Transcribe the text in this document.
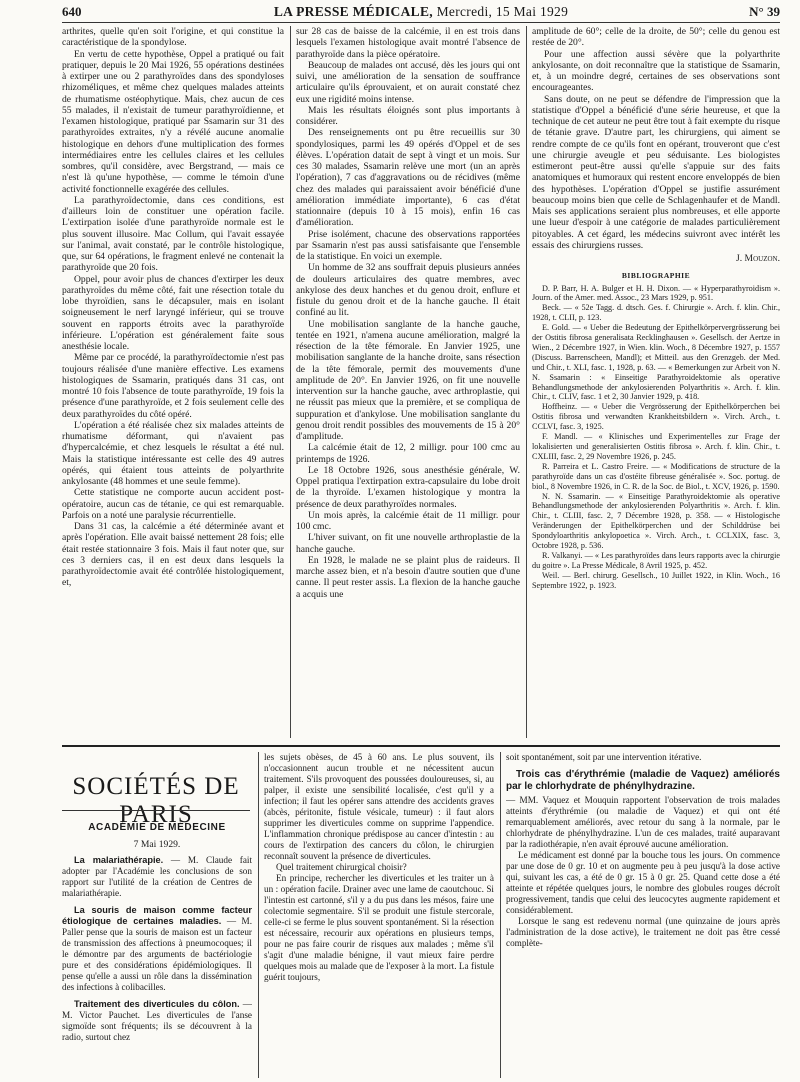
640	LA PRESSE MÉDICALE, Mercredi, 15 Mai 1929	N° 39

arthrites, quelle qu'en soit l'origine, et qui constitue la caractéristique de la spondylose.

En vertu de cette hypothèse, Oppel a pratiqué ou fait pratiquer, depuis le 20 Mai 1926, 55 opérations destinées à extirper une ou 2 parathyroïdes dans des spondyloses rhizoméliques, et même chez quelques malades atteints de rhumatisme ostéophytique. Mais, chez aucun de ces 55 malades, il n'existait de tumeur parathyroïdienne, et l'examen histologique, pratiqué par Ssamarin sur 31 des parathyroïdes extraites, n'y a révélé aucune anomalie histologique en dehors d'une multiplication des formes intermédiaires entre les cellules claires et les cellules sombres, qu'il considère, avec Bergstrand, — mais ce n'est là qu'une hypothèse, — comme le témoin d'une activité fonctionnelle exagérée des cellules.

La parathyroïdectomie, dans ces conditions, est d'ailleurs loin de constituer une opération facile. L'extirpation isolée d'une parathyroïde normale est le plus souvent illusoire. Mac Collum, qui l'avait essayée sur l'animal, avait constaté, par le contrôle histologique, que, sur 64 opérations, le fragment enlevé ne contenait la parathyroïde que 20 fois.

Oppel, pour avoir plus de chances d'extirper les deux parathyroïdes du même côté, fait une résection totale du lobe thyroïdien, sans le décapsuler, mais en isolant soigneusement le nerf laryngé inférieur, qui se trouve souvent en rapports étroits avec la parathyroïde inférieure. L'opération est généralement faite sous anesthésie locale.

Même par ce procédé, la parathyroïdectomie n'est pas toujours réalisée d'une manière effective. Les examens histologiques de Ssamarin, pratiqués dans 31 cas, ont montré 10 fois l'absence de toute parathyroïde, 19 fois la présence d'une parathyroïde, et 2 fois seulement celle des deux parathyroïdes du côté opéré.

L'opération a été réalisée chez six malades atteints de rhumatisme déformant, qui n'avaient pas d'hypercalcémie, et chez lesquels le résultat a été nul. Mais la statistique intéressante est celle des 49 autres opérés, qui étaient tous atteints de polyarthrite ankylosante (48 hommes et une seule femme).

Cette statistique ne comporte aucun accident post-opératoire, aucun cas de tétanie, ce qui est remarquable. Parfois on a noté une paralysie récurrentielle.

Dans 31 cas, la calcémie a été déterminée avant et après l'opération. Elle avait baissé nettement 28 fois; elle était restée stationnaire 3 fois. Mais il faut noter que, sur ces 3 derniers cas, il en est deux dans lesquels la parathyroïdectomie avait été contrôlée histologiquement, et,

sur 28 cas de baisse de la calcémie, il en est trois dans lesquels l'examen histologique avait montré l'absence de parathyroïde dans la pièce opératoire.

Beaucoup de malades ont accusé, dès les jours qui ont suivi, une amélioration de la sensation de souffrance articulaire qu'ils éprouvaient, et on aurait constaté chez eux une rigidité moins intense.

Mais les résultats éloignés sont plus importants à considérer.

Des renseignements ont pu être recueillis sur 30 spondylosiques, parmi les 49 opérés d'Oppel et de ses élèves. L'opération datait de sept à vingt et un mois. Sur ces 30 malades, Ssamarin relève une mort (un an après l'opération), 7 cas d'aggravations ou de récidives (même chez des malades qui paraissaient avoir bénéficié d'une amélioration immédiate importante), 6 cas d'état stationnaire (depuis 10 à 15 mois), enfin 16 cas d'amélioration.

Prise isolément, chacune des observations rapportées par Ssamarin n'est pas aussi satisfaisante que l'ensemble de la statistique. En voici un exemple.

Un homme de 32 ans souffrait depuis plusieurs années de douleurs articulaires des quatre membres, avec ankylose des deux hanches et du genou droit, enflure et fistule du genou droit et de la hanche gauche. Il était confiné au lit.

Une mobilisation sanglante de la hanche gauche, tentée en 1921, n'amena aucune amélioration, malgré la résection de la tête fémorale. En Janvier 1925, une mobilisation sanglante de la hanche droite, sans résection de la tête fémorale, permit des mouvements d'une amplitude de 20°. En Janvier 1926, on fit une nouvelle intervention sur la hanche gauche, avec arthroplastie, qui ne réussit pas mieux que la première, et se compliqua de suppuration et d'ankylose. Une mobilisation sanglante du genou droit rendit possibles des mouvements de 15 à 20° d'amplitude.

La calcémie était de 12, 2 milligr. pour 100 cmc au printemps de 1926.

Le 18 Octobre 1926, sous anesthésie générale, W. Oppel pratiqua l'extirpation extra-capsulaire du lobe droit de la thyroïde. L'examen histologique y montra la présence de deux parathyroïdes normales.

Un mois après, la calcémie était de 11 milligr. pour 100 cmc.

L'hiver suivant, on fit une nouvelle arthroplastie de la hanche gauche.

En 1928, le malade ne se plaint plus de raideurs. Il marche assez bien, et n'a besoin d'autre soutien que d'une canne. Il peut rester assis. La flexion de la hanche gauche a acquis une

amplitude de 60°; celle de la droite, de 50°; celle du genou est restée de 20°.

Pour une affection aussi sévère que la polyarthrite ankylosante, on doit reconnaître que la statistique de Ssamarin, et, à un moindre degré, certaines de ses observations sont encourageantes.

Sans doute, on ne peut se défendre de l'impression que la statistique d'Oppel a bénéficié d'une série heureuse, et que la technique de cet auteur ne peut être tout à fait exempte du risque de tétanie grave. D'autre part, les chirurgiens, qui aiment se rendre compte de ce qu'ils font en opérant, trouveront que c'est une chirurgie aveugle et peu séduisante. Les biologistes estimeront peut-être aussi qu'elle s'appuie sur des faits anatomiques et humoraux qui restent encore enveloppés de bien des hypothèses. L'opération d'Oppel se justifie assurément beaucoup moins bien que celle de Schlagenhaufer et de Mandl. Mais ses applications seraient plus nombreuses, et elle apporte une lueur d'espoir à une catégorie de malades particulièrement pitoyables. A cet égard, les médecins suivront avec intérêt les essais des chirurgiens russes.

J. Mouzon.
BIBLIOGRAPHIE

D. P. Barr, H. A. Bulger et H. H. Dixon. — « Hyperparathyroidism ». Journ. of the Amer. med. Assoc., 23 Mars 1929, p. 951.

Beck. — « 52e Tagg. d. dtsch. Ges. f. Chirurgie ». Arch. f. klin. Chir., 1928, t. CLII, p. 123.

E. Gold. — « Ueber die Bedeutung der Epithelkörpervergrösserung bei der Ostitis fibrosa generalisata Recklinghausen ». Gesellsch. der Aertze in Wien., 2 Décembre 1927, in Wien. klin. Woch., 8 Décembre 1927, p. 1557 (Discuss. Barrenscheen, Mandl); et Mitteil. aus den Grenzgeb. der Med. und Chir., t. XLI, fasc. 1, 1928, p. 63. — « Bemerkungen zur Arbeit von N. N. Ssamarin : « Einseitige Parathyroidektomie als operative Behandlungsmethode der ankylosierenden Polyarthritis ». Arch. f. klin. Chir., t. CLIV, fasc. 1 et 2, 30 Janvier 1929, p. 418.

Hoffheinz. — « Ueber die Vergrösserung der Epithelkörperchen bei Ostitis fibrosa und verwandten Krankheitsbildern ». Virch. Arch., t. CCLVI, fasc. 3, 1925.

F. Mandl. — « Klinisches und Experimentelles zur Frage der lokalisierten und generalisierten Ostitis fibrosa ». Arch. f. klin. Chir., t. CXLIII, fasc. 2, 29 Novembre 1926, p. 245.

R. Parreira et L. Castro Freire. — « Modifications de structure de la parathyroïde dans un cas d'ostéite fibreuse généralisée ». Soc. portug. de biol., 8 Novembre 1926, in C. R. de la Soc. de Biol., t. XCV, 1926, p. 1590.

N. N. Ssamarin. — « Einseitige Parathyroidektomie als operative Behandlungsmethode der ankylosierenden Polyarthritis ». Arch. f. klin. Chir., t. CLIII, fasc. 2, 7 Décembre 1928, p. 358. — « Histologische Veränderungen der Epithelkörperchen und der Schilddrüse bei Spondyloarthritis ankylopoetica ». Virch. Arch., t. CCLXIX, fasc. 3, Octobre 1928, p. 536.

R. Valkanyi. — « Les parathyroïdes dans leurs rapports avec la chirurgie du goitre ». La Presse Médicale, 8 Avril 1925, p. 452.

Weil. — Berl. chirurg. Gesellsch., 10 Juillet 1922, in Klin. Woch., 16 Septembre 1922, p. 1923.

SOCIÉTÉS DE PARIS
ACADÉMIE DE MÉDECINE
7 Mai 1929.

La malariathérapie. — M. Claude fait adopter par l'Académie les conclusions de son rapport sur l'utilité de la création de Centres de malariathérapie.

La souris de maison comme facteur étiologique de certaines maladies. — M. Paller pense que la souris de maison est un facteur de transmission des affections à pneumocoques; il le démontre par des arguments de bactériologie pure et des considérations épidémiologiques. Il pense qu'elle a aussi un rôle dans la dissémination des infections à colibacilles.

Traitement des diverticules du côlon. — M. Victor Pauchet. Les diverticules de l'anse sigmoïde sont fréquents; ils se découvrent à la radio, surtout chez

les sujets obèses, de 45 à 60 ans. Le plus souvent, ils n'occasionnent aucun trouble et ne nécessitent aucun traitement. S'ils provoquent des poussées douloureuses, si, au palper, il existe une sensibilité localisée, c'est qu'il y a infection; il faut les opérer sans attendre des accidents graves (abcès, péritonite, fistule vésicale, tumeur) : il faut alors supprimer les diverticules comme on supprime l'appendice. L'inflammation chronique prédispose au cancer d'intestin : au cours de l'extirpation des cancers du côlon, le chirurgien reconnaît souvent la présence de diverticules.

Quel traitement chirurgical choisir?

En principe, rechercher les diverticules et les traiter un à un : opération facile. Drainer avec une lame de caoutchouc. Si l'intestin est cartonné, s'il y a du pus dans les mésos, faire une colectomie segmentaire. S'il se produit une fistule stercorale, celle-ci se ferme le plus souvent spontanément. Si la résection est nécessaire, recourir aux opérations en plusieurs temps, pour ne pas faire courir de risques aux malades ; même s'il s'agit d'une maladie bénigne, il vaut mieux faire perdre quelques mois au malade que de l'exposer à la mort. La fistule guérit toujours,

soit spontanément, soit par une intervention itérative.

Trois cas d'érythrémie (maladie de Vaquez) améliorés par le chlorhydrate de phénylhydrazine.

— MM. Vaquez et Mouquin rapportent l'observation de trois malades atteints d'érythrémie (ou maladie de Vaquez) et qui ont été remarquablement améliorés, avec retour du sang à la normale, par le chlorhydrate de phénylhydrazine. L'un de ces malades, traité auparavant par la radiothérapie, n'en avait éprouvé aucune amélioration.

Le médicament est donné par la bouche tous les jours. On commence par une dose de 0 gr. 10 et on augmente peu à peu jusqu'à la dose active qui, suivant les cas, a été de 0 gr. 15 à 0 gr. 25. Quand cette dose a été atteinte et répétée quelques jours, le nombre des globules rouges décroît progressivement, tandis que celui des leucocytes augmente rapidement et considérablement.

Lorsque le sang est redevenu normal (une quinzaine de jours après l'administration de la dose active), le traitement ne doit pas être cessé complète-
